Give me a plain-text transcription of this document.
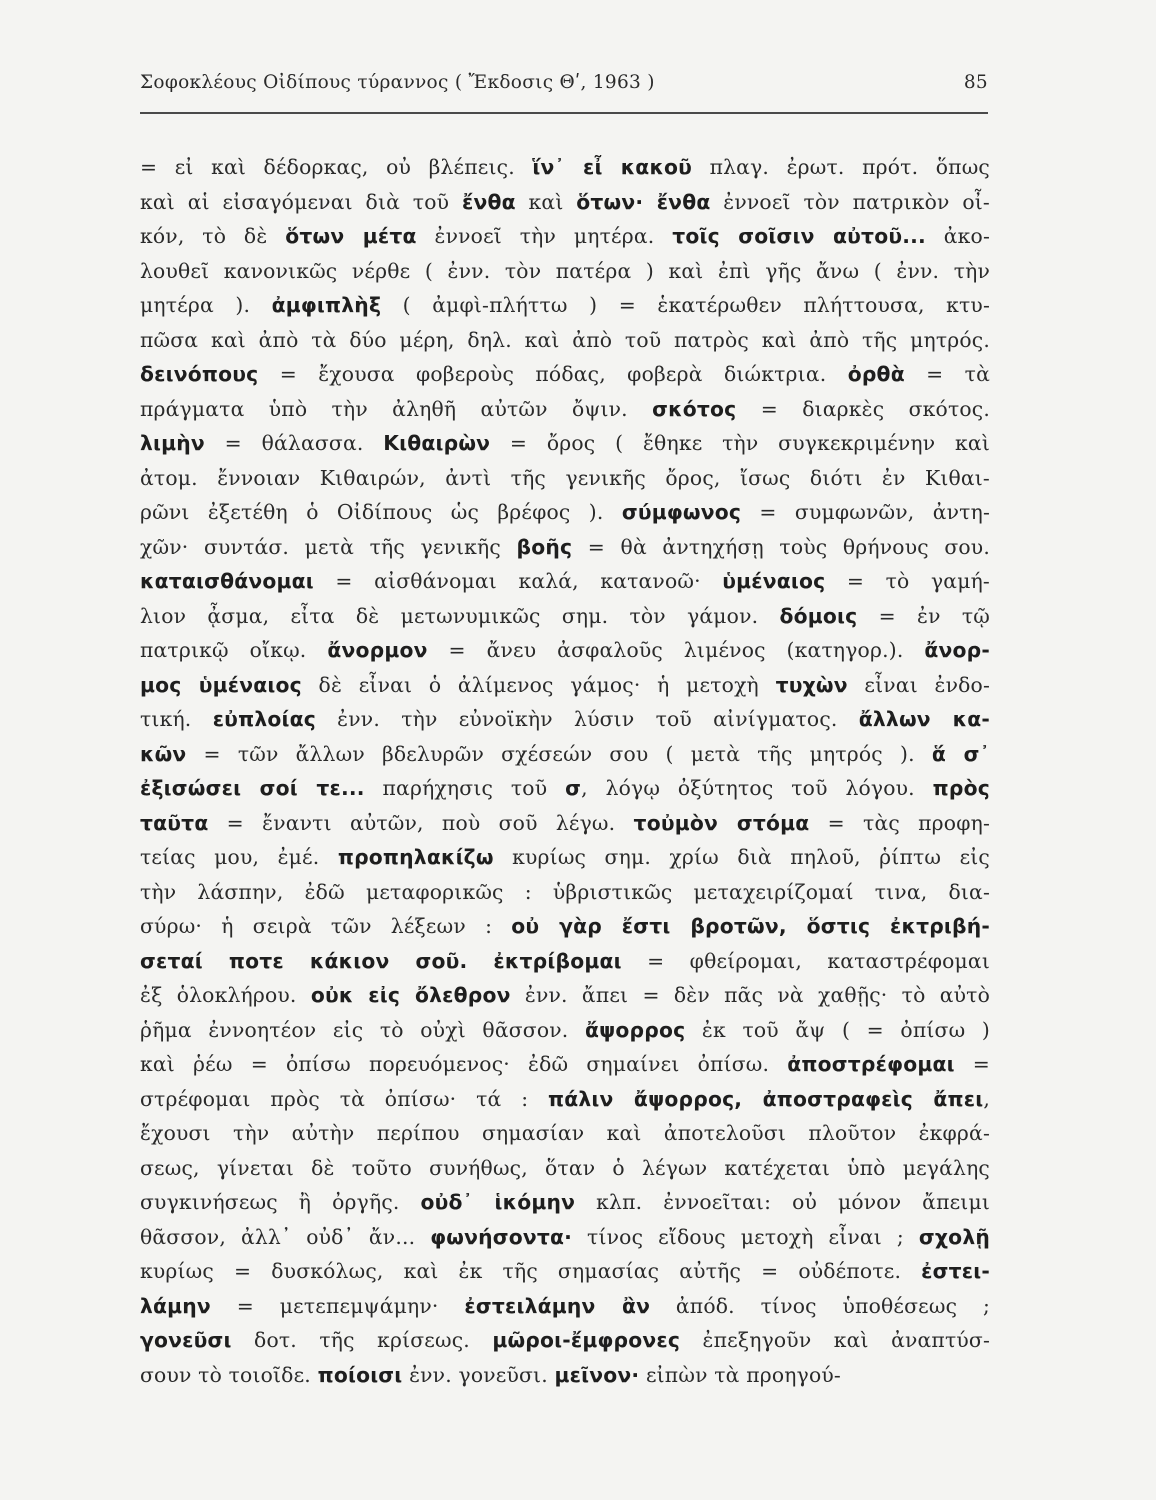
Σοφοκλέους Οἰδίπους τύραννος ( Ἔκδοσις Θʹ, 1963 )	85

= εἰ καὶ δέδορκας, οὐ βλέπεις. ἵν᾽ εἶ κακοῦ πλαγ. ἐρωτ. πρότ. ὅπως

καὶ αἱ εἰσαγόμεναι διὰ τοῦ ἔνθα καὶ ὅτων· ἔνθα ἐννοεῖ τὸν πατρικὸν οἶ-

κόν, τὸ δὲ ὅτων μέτα ἐννοεῖ τὴν μητέρα. τοῖς σοῖσιν αὐτοῦ... ἀκο-

λουθεῖ κανονικῶς νέρθε ( ἐνν. τὸν πατέρα ) καὶ ἐπὶ γῆς ἄνω ( ἐνν. τὴν

μητέρα ). ἀμφιπλὴξ ( ἀμφὶ-πλήττω ) = ἑκατέρωθεν πλήττουσα, κτυ-

πῶσα καὶ ἀπὸ τὰ δύο μέρη, δηλ. καὶ ἀπὸ τοῦ πατρὸς καὶ ἀπὸ τῆς μητρός.

δεινόπους = ἔχουσα φοβεροὺς πόδας, φοβερὰ διώκτρια. ὀρθὰ = τὰ

πράγματα ὑπὸ τὴν ἀληθῆ αὐτῶν ὄψιν. σκότος = διαρκὲς σκότος.

λιμὴν = θάλασσα. Κιθαιρὼν = ὄρος ( ἔθηκε τὴν συγκεκριμένην καὶ

ἀτομ. ἔννοιαν Κιθαιρών, ἀντὶ τῆς γενικῆς ὄρος, ἴσως διότι ἐν Κιθαι-

ρῶνι ἐξετέθη ὁ Οἰδίπους ὡς βρέφος ). σύμφωνος = συμφωνῶν, ἀντη-

χῶν· συντάσ. μετὰ τῆς γενικῆς βοῆς = θὰ ἀντηχήσῃ τοὺς θρήνους σου.

καταισθάνομαι = αἰσθάνομαι καλά, κατανοῶ· ὑμέναιος = τὸ γαμή-

λιον ᾆσμα, εἶτα δὲ μετωνυμικῶς σημ. τὸν γάμον. δόμοις = ἐν τῷ

πατρικῷ οἴκῳ. ἄνορμον = ἄνευ ἀσφαλοῦς λιμένος (κατηγορ.). ἄνορ-

μος ὑμέναιος δὲ εἶναι ὁ ἀλίμενος γάμος· ἡ μετοχὴ τυχὼν εἶναι ἐνδο-

τική. εὐπλοίας ἐνν. τὴν εὐνοϊκὴν λύσιν τοῦ αἰνίγματος. ἄλλων κα-

κῶν = τῶν ἄλλων βδελυρῶν σχέσεών σου ( μετὰ τῆς μητρός ). ἅ σ᾽

ἐξισώσει σοί τε... παρήχησις τοῦ σ, λόγῳ ὀξύτητος τοῦ λόγου. πρὸς

ταῦτα = ἔναντι αὐτῶν, ποὺ σοῦ λέγω. τοὐμὸν στόμα = τὰς προφη-

τείας μου, ἐμέ. προπηλακίζω κυρίως σημ. χρίω διὰ πηλοῦ, ῥίπτω εἰς

τὴν λάσπην, ἐδῶ μεταφορικῶς : ὑβριστικῶς μεταχειρίζομαί τινα, δια-

σύρω· ἡ σειρὰ τῶν λέξεων : οὐ γὰρ ἔστι βροτῶν, ὅστις ἐκτριβή-

σεταί ποτε κάκιον σοῦ. ἐκτρίβομαι = φθείρομαι, καταστρέφομαι

ἐξ ὁλοκλήρου. οὐκ εἰς ὄλεθρον ἐνν. ἄπει = δὲν πᾶς νὰ χαθῇς· τὸ αὐτὸ

ῥῆμα ἐννοητέον εἰς τὸ οὐχὶ θᾶσσον. ἄψορρος ἐκ τοῦ ἄψ ( = ὀπίσω )

καὶ ῥέω = ὀπίσω πορευόμενος· ἐδῶ σημαίνει ὀπίσω. ἀποστρέφομαι =

στρέφομαι πρὸς τὰ ὀπίσω· τά : πάλιν ἄψορρος, ἀποστραφεὶς ἄπει,

ἔχουσι τὴν αὐτὴν περίπου σημασίαν καὶ ἀποτελοῦσι πλοῦτον ἐκφρά-

σεως, γίνεται δὲ τοῦτο συνήθως, ὅταν ὁ λέγων κατέχεται ὑπὸ μεγάλης

συγκινήσεως ἢ ὀργῆς. οὐδ᾽ ἱκόμην κλπ. ἐννοεῖται: οὐ μόνον ἄπειμι

θᾶσσον, ἀλλ᾽ οὐδ᾽ ἄν... φωνήσοντα· τίνος εἴδους μετοχὴ εἶναι ; σχολῇ

κυρίως = δυσκόλως, καὶ ἐκ τῆς σημασίας αὐτῆς = οὐδέποτε. ἐστει-

λάμην = μετεπεμψάμην· ἐστειλάμην ἂν ἀπόδ. τίνος ὑποθέσεως ;

γονεῦσι δοτ. τῆς κρίσεως. μῶροι-ἔμφρονες ἐπεξηγοῦν καὶ ἀναπτύσ-

σουν τὸ τοιοῖδε. ποίοισι ἐνν. γονεῦσι. μεῖνον· εἰπὼν τὰ προηγού-
